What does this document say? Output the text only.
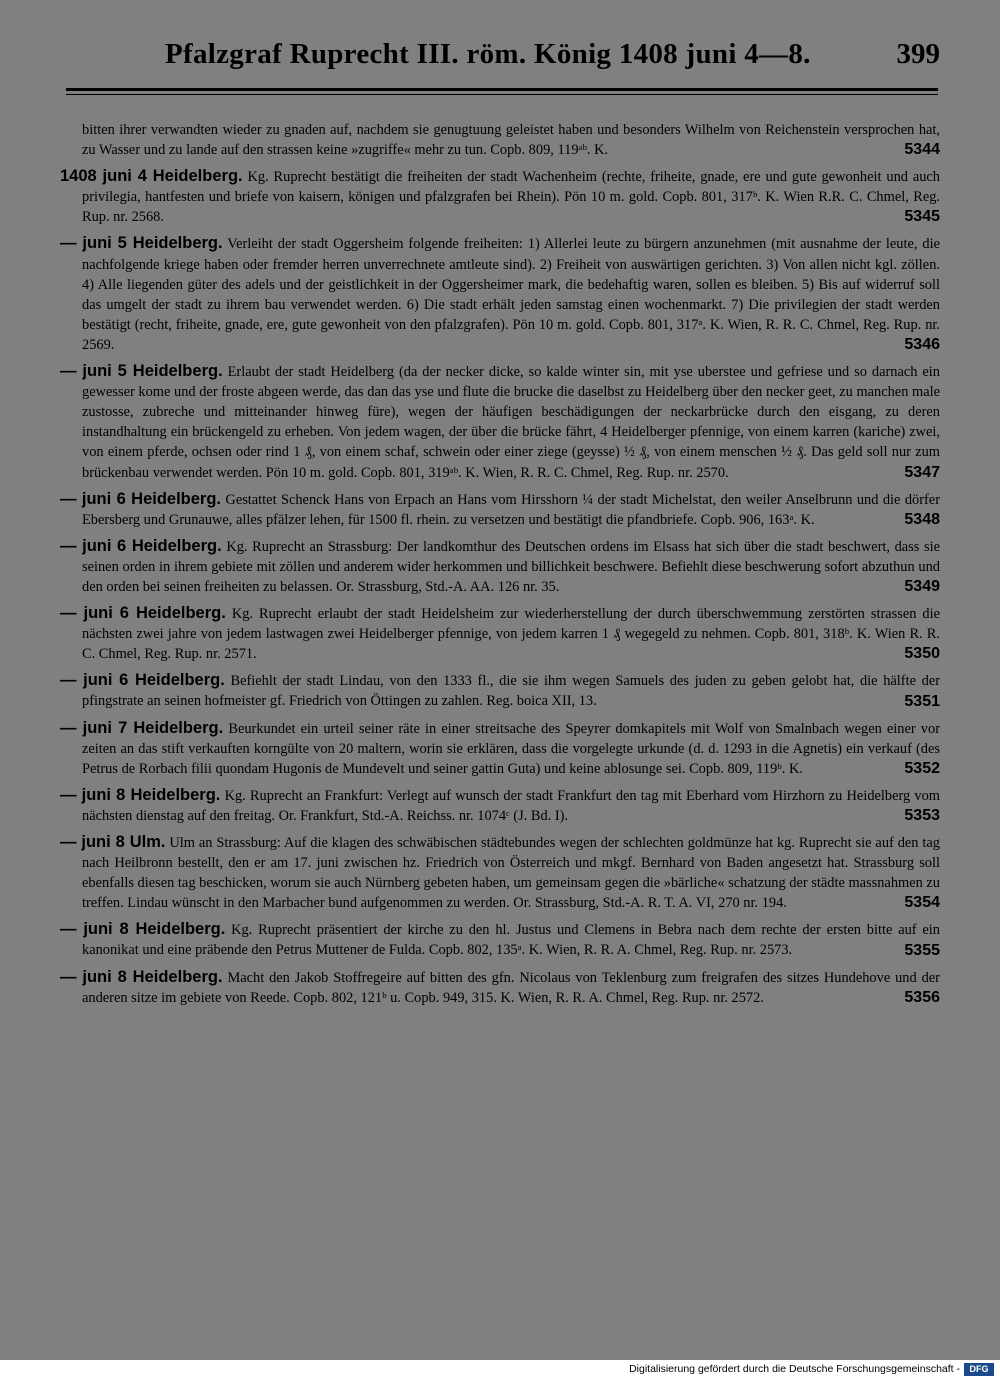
Pfalzgraf Ruprecht III. röm. König 1408 juni 4—8.	399

bitten ihrer verwandten wieder zu gnaden auf, nachdem sie genugtuung geleistet haben und besonders Wilhelm von Reichenstein versprochen hat, zu Wasser und zu lande auf den strassen keine »zugriffe« mehr zu tun. Copb. 809, 119ᵃᵇ. K.	5344

1408 juni 4 Heidelberg. Kg. Ruprecht bestätigt die freiheiten der stadt Wachenheim (rechte, friheite, gnade, ere und gute gewonheit und auch privilegia, hantfesten und briefe von kaisern, königen und pfalzgrafen bei Rhein). Pön 10 m. gold. Copb. 801, 317ᵇ. K. Wien R.R. C. Chmel, Reg. Rup. nr. 2568.	5345

— juni 5 Heidelberg. Verleiht der stadt Oggersheim folgende freiheiten: 1) Allerlei leute zu bürgern anzunehmen (mit ausnahme der leute, die nachfolgende kriege haben oder fremder herren unverrechnete amtleute sind). 2) Freiheit von auswärtigen gerichten. 3) Von allen nicht kgl. zöllen. 4) Alle liegenden güter des adels und der geistlichkeit in der Oggersheimer mark, die bedehaftig waren, sollen es bleiben. 5) Bis auf widerruf soll das umgelt der stadt zu ihrem bau verwendet werden. 6) Die stadt erhält jeden samstag einen wochenmarkt. 7) Die privilegien der stadt werden bestätigt (recht, friheite, gnade, ere, gute gewonheit von den pfalzgrafen). Pön 10 m. gold. Copb. 801, 317ᵃ. K. Wien, R. R. C. Chmel, Reg. Rup. nr. 2569.	5346

— juni 5 Heidelberg. Erlaubt der stadt Heidelberg (da der necker dicke, so kalde winter sin, mit yse uberstee und gefriese und so darnach ein gewesser kome und der froste abgeen werde, das dan das yse und flute die brucke die daselbst zu Heidelberg über den necker geet, zu manchen male zustosse, zubreche und mitteinander hinweg füre), wegen der häufigen beschädigungen der neckarbrücke durch den eisgang, zu deren instandhaltung ein brückengeld zu erheben. Von jedem wagen, der über die brücke fährt, 4 Heidelberger pfennige, von einem karren (kariche) zwei, von einem pferde, ochsen oder rind 1 ₰, von einem schaf, schwein oder einer ziege (geysse) ½ ₰, von einem menschen ½ ₰. Das geld soll nur zum brückenbau verwendet werden. Pön 10 m. gold. Copb. 801, 319ᵃᵇ. K. Wien, R. R. C. Chmel, Reg. Rup. nr. 2570.	5347

— juni 6 Heidelberg. Gestattet Schenck Hans von Erpach an Hans vom Hirsshorn ¼ der stadt Michelstat, den weiler Anselbrunn und die dörfer Ebersberg und Grunauwe, alles pfälzer lehen, für 1500 fl. rhein. zu versetzen und bestätigt die pfandbriefe. Copb. 906, 163ᵃ. K.	5348

— juni 6 Heidelberg. Kg. Ruprecht an Strassburg: Der landkomthur des Deutschen ordens im Elsass hat sich über die stadt beschwert, dass sie seinen orden in ihrem gebiete mit zöllen und anderem wider herkommen und billichkeit beschwere. Befiehlt diese beschwerung sofort abzuthun und den orden bei seinen freiheiten zu belassen. Or. Strassburg, Std.-A. AA. 126 nr. 35.	5349

— juni 6 Heidelberg. Kg. Ruprecht erlaubt der stadt Heidelsheim zur wiederherstellung der durch überschwemmung zerstörten strassen die nächsten zwei jahre von jedem lastwagen zwei Heidelberger pfennige, von jedem karren 1 ₰ wegegeld zu nehmen. Copb. 801, 318ᵇ. K. Wien R. R. C. Chmel, Reg. Rup. nr. 2571.	5350

— juni 6 Heidelberg. Befiehlt der stadt Lindau, von den 1333 fl., die sie ihm wegen Samuels des juden zu geben gelobt hat, die hälfte der pfingstrate an seinen hofmeister gf. Friedrich von Öttingen zu zahlen. Reg. boica XII, 13.	5351

— juni 7 Heidelberg. Beurkundet ein urteil seiner räte in einer streitsache des Speyrer domkapitels mit Wolf von Smalnbach wegen einer vor zeiten an das stift verkauften korngülte von 20 maltern, worin sie erklären, dass die vorgelegte urkunde (d. d. 1293 in die Agnetis) ein verkauf (des Petrus de Rorbach filii quondam Hugonis de Mundevelt und seiner gattin Guta) und keine ablosunge sei. Copb. 809, 119ᵇ. K.	5352

— juni 8 Heidelberg. Kg. Ruprecht an Frankfurt: Verlegt auf wunsch der stadt Frankfurt den tag mit Eberhard vom Hirzhorn zu Heidelberg vom nächsten dienstag auf den freitag. Or. Frankfurt, Std.-A. Reichss. nr. 1074ᶜ (J. Bd. I).	5353

— juni 8 Ulm. Ulm an Strassburg: Auf die klagen des schwäbischen städtebundes wegen der schlechten goldmünze hat kg. Ruprecht sie auf den tag nach Heilbronn bestellt, den er am 17. juni zwischen hz. Friedrich von Österreich und mkgf. Bernhard von Baden angesetzt hat. Strassburg soll ebenfalls diesen tag beschicken, worum sie auch Nürnberg gebeten haben, um gemeinsam gegen die »bärliche« schatzung der städte massnahmen zu treffen. Lindau wünscht in den Marbacher bund aufgenommen zu werden. Or. Strassburg, Std.-A. R. T. A. VI, 270 nr. 194.	5354

— juni 8 Heidelberg. Kg. Ruprecht präsentiert der kirche zu den hl. Justus und Clemens in Bebra nach dem rechte der ersten bitte auf ein kanonikat und eine präbende den Petrus Muttener de Fulda. Copb. 802, 135ᵃ. K. Wien, R. R. A. Chmel, Reg. Rup. nr. 2573.	5355

— juni 8 Heidelberg. Macht den Jakob Stoffregeire auf bitten des gfn. Nicolaus von Teklenburg zum freigrafen des sitzes Hundehove und der anderen sitze im gebiete von Reede. Copb. 802, 121ᵇ u. Copb. 949, 315. K. Wien, R. R. A. Chmel, Reg. Rup. nr. 2572.	5356
Digitalisierung gefördert durch die Deutsche Forschungsgemeinschaft -	DFG
